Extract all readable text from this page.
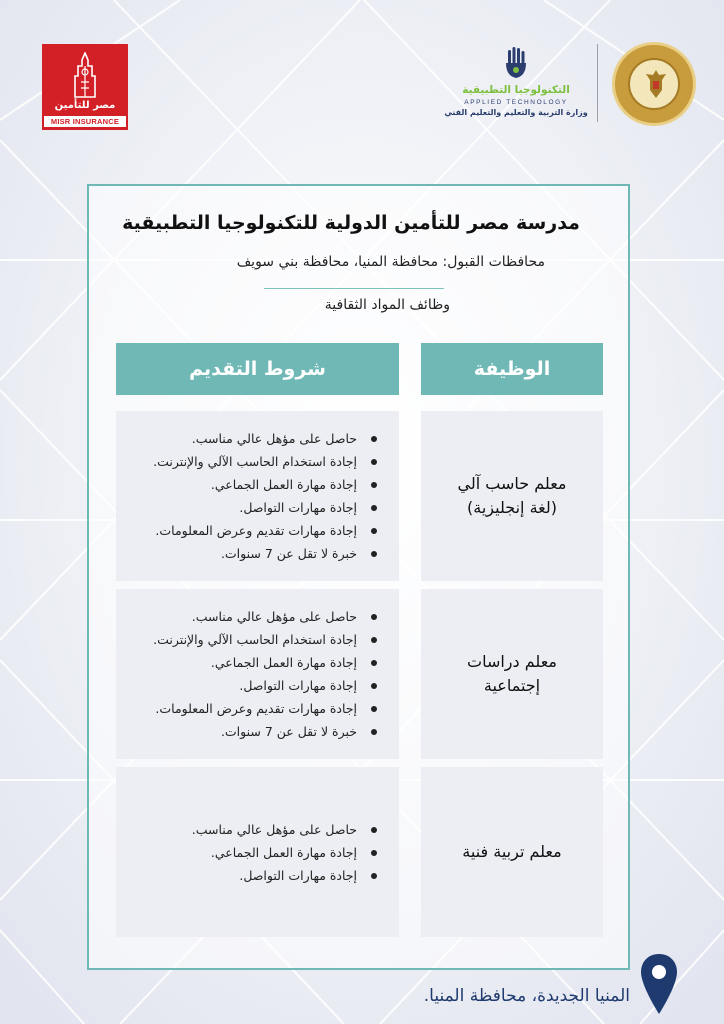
مصر للتأمين
MISR INSURANCE
التكنولوجيا التطبيقية
APPLIED TECHNOLOGY
وزارة التربية والتعليم والتعليم الفني
مدرسة مصر للتأمين الدولية للتكنولوجيا التطبيقية
محافظات القبول: محافظة المنيا، محافظة بني سويف
وظائف المواد الثقافية
الوظيفة
شروط التقديم
معلم حاسب آلي
(لغة إنجليزية)
حاصل على مؤهل عالي مناسب.
إجادة استخدام الحاسب الآلي والإنترنت.
إجادة مهارة العمل الجماعي.
إجادة مهارات التواصل.
إجادة مهارات تقديم وعرض المعلومات.
خبرة لا تقل عن 7 سنوات.
معلم دراسات
إجتماعية
حاصل على مؤهل عالي مناسب.
إجادة استخدام الحاسب الآلي والإنترنت.
إجادة مهارة العمل الجماعي.
إجادة مهارات التواصل.
إجادة مهارات تقديم وعرض المعلومات.
خبرة لا تقل عن 7 سنوات.
معلم تربية فنية
حاصل على مؤهل عالي مناسب.
إجادة مهارة العمل الجماعي.
إجادة مهارات التواصل.
المنيا الجديدة، محافظة المنيا.
